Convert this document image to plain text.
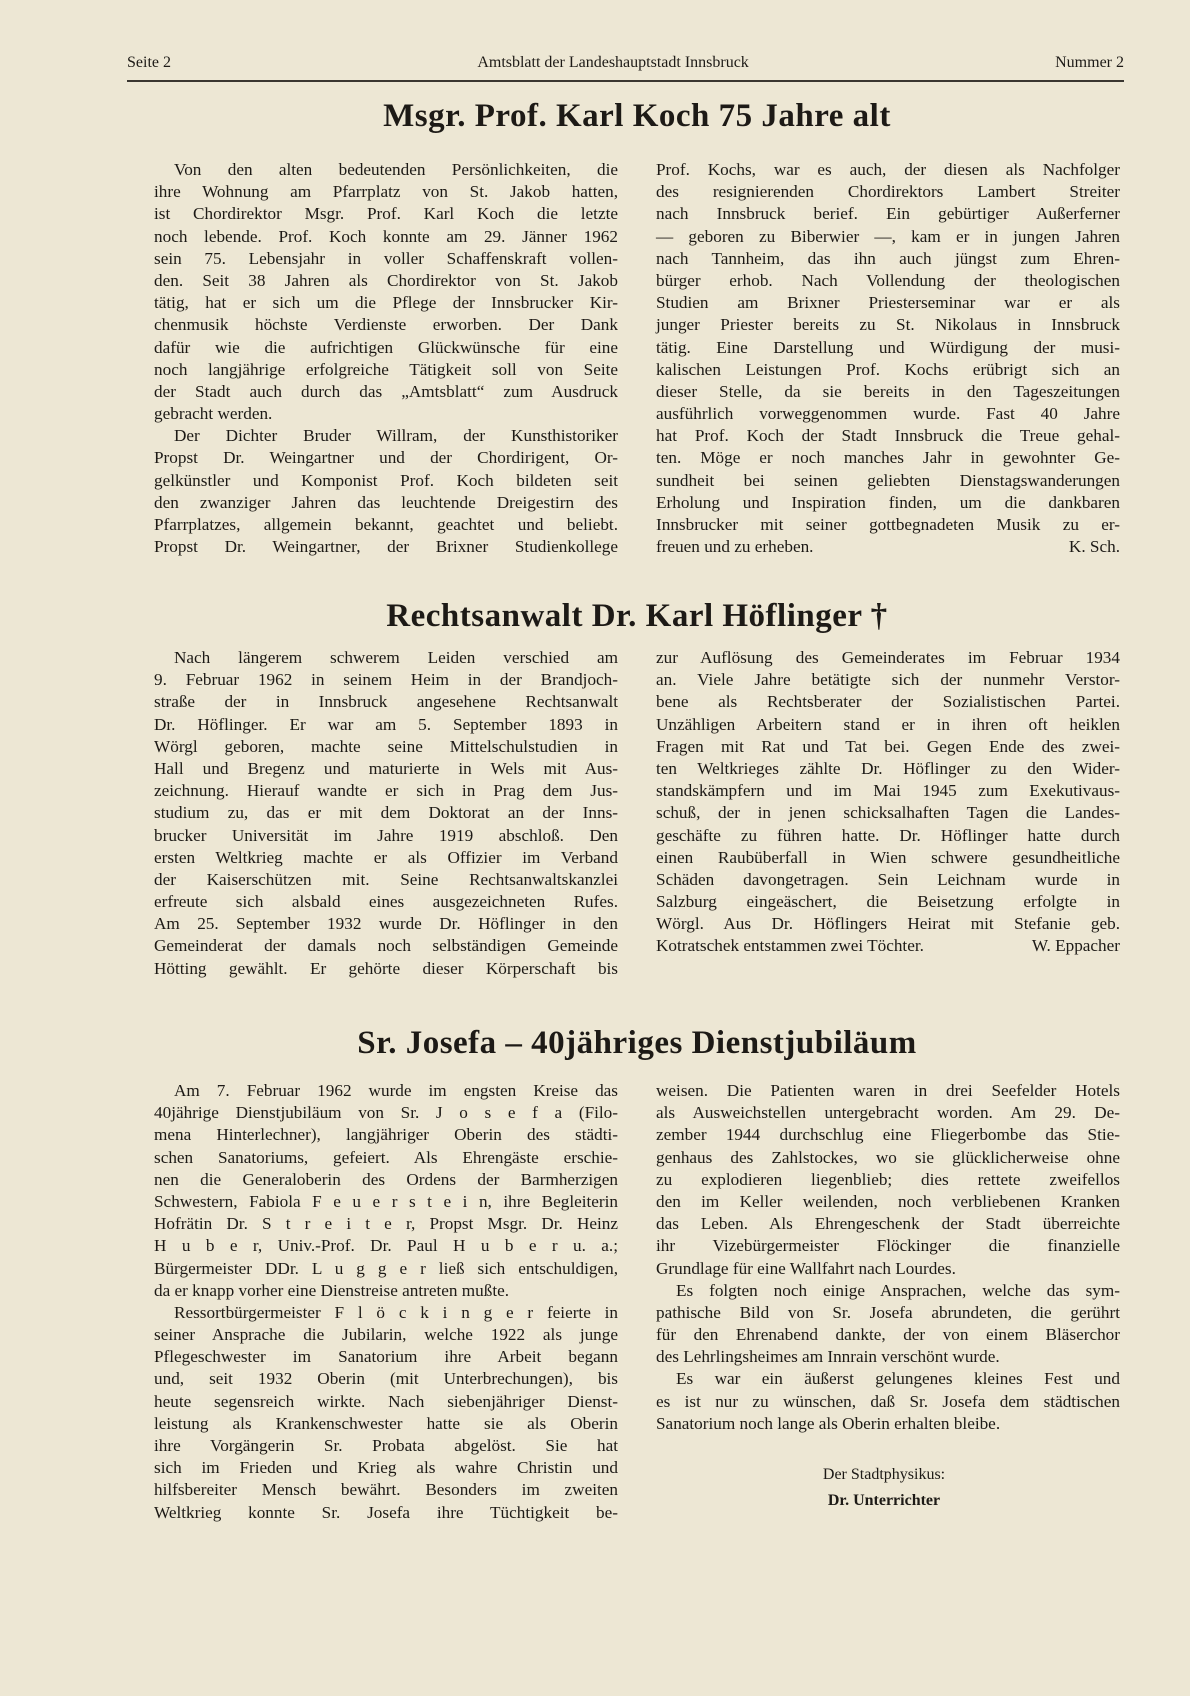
Seite 2	Amtsblatt der Landeshauptstadt Innsbruck	Nummer 2
Msgr. Prof. Karl Koch 75 Jahre alt
Von den alten bedeutenden Persönlichkeiten, die
ihre Wohnung am Pfarrplatz von St. Jakob hatten,
ist Chordirektor Msgr. Prof. Karl Koch die letzte
noch lebende. Prof. Koch konnte am 29. Jänner 1962
sein 75. Lebensjahr in voller Schaffenskraft vollen-
den. Seit 38 Jahren als Chordirektor von St. Jakob
tätig, hat er sich um die Pflege der Innsbrucker Kir-
chenmusik höchste Verdienste erworben. Der Dank
dafür wie die aufrichtigen Glückwünsche für eine
noch langjährige erfolgreiche Tätigkeit soll von Seite
der Stadt auch durch das „Amtsblatt“ zum Ausdruck
gebracht werden.
Der Dichter Bruder Willram, der Kunsthistoriker
Propst Dr. Weingartner und der Chordirigent, Or-
gelkünstler und Komponist Prof. Koch bildeten seit
den zwanziger Jahren das leuchtende Dreigestirn des
Pfarrplatzes, allgemein bekannt, geachtet und beliebt.
Propst Dr. Weingartner, der Brixner Studienkollege
Prof. Kochs, war es auch, der diesen als Nachfolger
des resignierenden Chordirektors Lambert Streiter
nach Innsbruck berief. Ein gebürtiger Außerferner
— geboren zu Biberwier —, kam er in jungen Jahren
nach Tannheim, das ihn auch jüngst zum Ehren-
bürger erhob. Nach Vollendung der theologischen
Studien am Brixner Priesterseminar war er als
junger Priester bereits zu St. Nikolaus in Innsbruck
tätig. Eine Darstellung und Würdigung der musi-
kalischen Leistungen Prof. Kochs erübrigt sich an
dieser Stelle, da sie bereits in den Tageszeitungen
ausführlich vorweggenommen wurde. Fast 40 Jahre
hat Prof. Koch der Stadt Innsbruck die Treue gehal-
ten. Möge er noch manches Jahr in gewohnter Ge-
sundheit bei seinen geliebten Dienstagswanderungen
Erholung und Inspiration finden, um die dankbaren
Innsbrucker mit seiner gottbegnadeten Musik zu er-
freuen und zu erheben.	K. Sch.
Rechtsanwalt Dr. Karl Höflinger †
Nach längerem schwerem Leiden verschied am
9. Februar 1962 in seinem Heim in der Brandjoch-
straße der in Innsbruck angesehene Rechtsanwalt
Dr. Höflinger. Er war am 5. September 1893 in
Wörgl geboren, machte seine Mittelschulstudien in
Hall und Bregenz und maturierte in Wels mit Aus-
zeichnung. Hierauf wandte er sich in Prag dem Jus-
studium zu, das er mit dem Doktorat an der Inns-
brucker Universität im Jahre 1919 abschloß. Den
ersten Weltkrieg machte er als Offizier im Verband
der Kaiserschützen mit. Seine Rechtsanwaltskanzlei
erfreute sich alsbald eines ausgezeichneten Rufes.
Am 25. September 1932 wurde Dr. Höflinger in den
Gemeinderat der damals noch selbständigen Gemeinde
Hötting gewählt. Er gehörte dieser Körperschaft bis
zur Auflösung des Gemeinderates im Februar 1934
an. Viele Jahre betätigte sich der nunmehr Verstor-
bene als Rechtsberater der Sozialistischen Partei.
Unzähligen Arbeitern stand er in ihren oft heiklen
Fragen mit Rat und Tat bei. Gegen Ende des zwei-
ten Weltkrieges zählte Dr. Höflinger zu den Wider-
standskämpfern und im Mai 1945 zum Exekutivaus-
schuß, der in jenen schicksalhaften Tagen die Landes-
geschäfte zu führen hatte. Dr. Höflinger hatte durch
einen Raubüberfall in Wien schwere gesundheitliche
Schäden davongetragen. Sein Leichnam wurde in
Salzburg eingeäschert, die Beisetzung erfolgte in
Wörgl. Aus Dr. Höflingers Heirat mit Stefanie geb.
Kotratschek entstammen zwei Töchter.	W. Eppacher
Sr. Josefa – 40jähriges Dienstjubiläum
Am 7. Februar 1962 wurde im engsten Kreise das
40jährige Dienstjubiläum von Sr. J o s e f a (Filo-
mena Hinterlechner), langjähriger Oberin des städti-
schen Sanatoriums, gefeiert. Als Ehrengäste erschie-
nen die Generaloberin des Ordens der Barmherzigen
Schwestern, Fabiola F e u e r s t e i n, ihre Begleiterin
Hofrätin Dr. S t r e i t e r, Propst Msgr. Dr. Heinz
H u b e r, Univ.-Prof. Dr. Paul H u b e r u. a.;
Bürgermeister DDr. L u g g e r ließ sich entschuldigen,
da er knapp vorher eine Dienstreise antreten mußte.
Ressortbürgermeister F l ö c k i n g e r feierte in
seiner Ansprache die Jubilarin, welche 1922 als junge
Pflegeschwester im Sanatorium ihre Arbeit begann
und, seit 1932 Oberin (mit Unterbrechungen), bis
heute segensreich wirkte. Nach siebenjähriger Dienst-
leistung als Krankenschwester hatte sie als Oberin
ihre Vorgängerin Sr. Probata abgelöst. Sie hat
sich im Frieden und Krieg als wahre Christin und
hilfsbereiter Mensch bewährt. Besonders im zweiten
Weltkrieg konnte Sr. Josefa ihre Tüchtigkeit be-
weisen. Die Patienten waren in drei Seefelder Hotels
als Ausweichstellen untergebracht worden. Am 29. De-
zember 1944 durchschlug eine Fliegerbombe das Stie-
genhaus des Zahlstockes, wo sie glücklicherweise ohne
zu explodieren liegenblieb; dies rettete zweifellos
den im Keller weilenden, noch verbliebenen Kranken
das Leben. Als Ehrengeschenk der Stadt überreichte
ihr Vizebürgermeister Flöckinger die finanzielle
Grundlage für eine Wallfahrt nach Lourdes.
Es folgten noch einige Ansprachen, welche das sym-
pathische Bild von Sr. Josefa abrundeten, die gerührt
für den Ehrenabend dankte, der von einem Bläserchor
des Lehrlingsheimes am Innrain verschönt wurde.
Es war ein äußerst gelungenes kleines Fest und
es ist nur zu wünschen, daß Sr. Josefa dem städtischen
Sanatorium noch lange als Oberin erhalten bleibe.
Der Stadtphysikus:
Dr. Unterrichter
